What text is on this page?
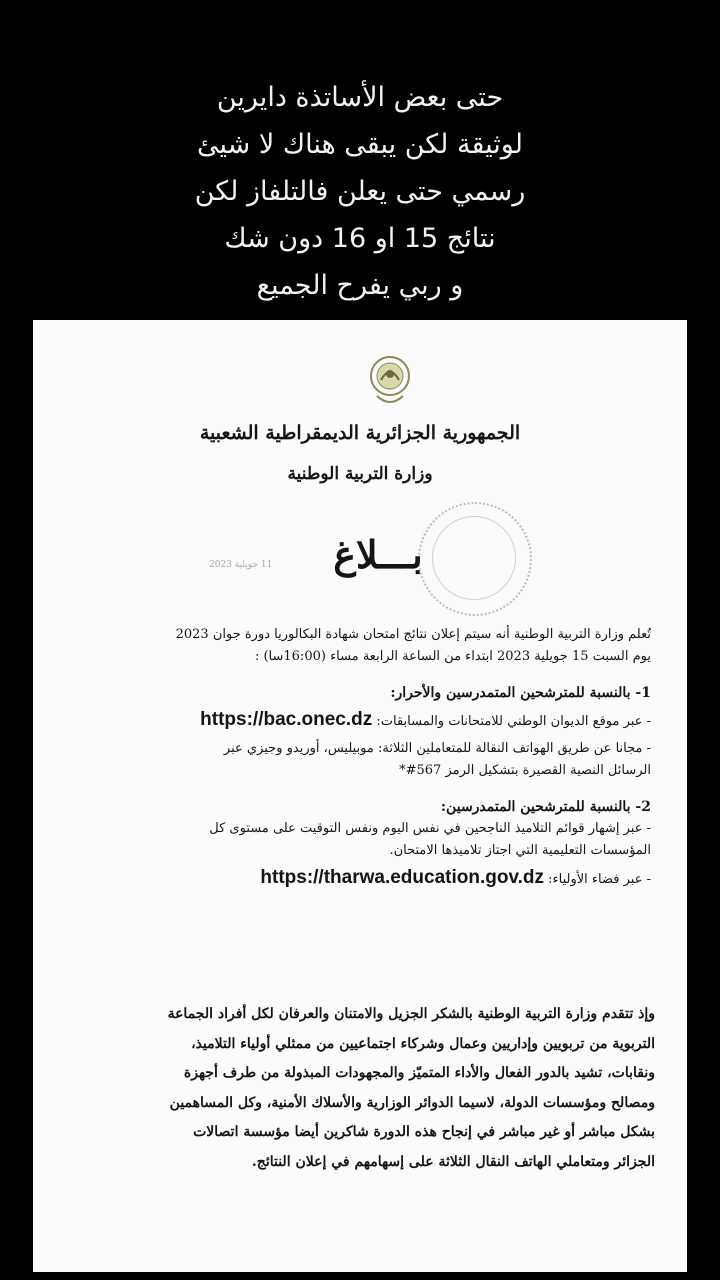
حتى بعض الأساتذة دايرين
لوثيقة لكن يبقى هناك لا شيئ
رسمي حتى يعلن فالتلفاز لكن
نتائج 15 او 16 دون شك
و ربي يفرح الجميع
الجمهورية الجزائرية الديمقراطية الشعبية
وزارة التربية الوطنية
بـــلاغ
11 جويلية 2023
تُعلم وزارة التربية الوطنية أنه سيتم إعلان نتائج امتحان شهادة البكالوريا دورة جوان 2023
يوم السبت 15 جويلية 2023 ابتداء من الساعة الرابعة مساء (16:00سا) :
1- بالنسبة للمترشحين المتمدرسين والأحرار:
- عبر موقع الديوان الوطني للامتحانات والمسابقات: https://bac.onec.dz
- مجانا عن طريق الهواتف النقالة للمتعاملين الثلاثة: موبيليس، أوريدو وجيزي عبر
الرسائل النصية القصيرة بتشكيل الرمز 567#*
2- بالنسبة للمترشحين المتمدرسين:
- عبر إشهار قوائم التلاميذ الناجحين في نفس اليوم ونفس التوقيت على مستوى كل
المؤسسات التعليمية التي اجتاز تلاميذها الامتحان.
- عبر فضاء الأولياء: https://tharwa.education.gov.dz
وإذ تتقدم وزارة التربية الوطنية بالشكر الجزيل والامتنان والعرفان لكل أفراد الجماعة
التربوية من تربويين وإداريين وعمال وشركاء اجتماعيين من ممثلي أولياء التلاميذ،
ونقابات، تشيد بالدور الفعال والأداء المتميّز والمجهودات المبذولة من طرف أجهزة
ومصالح ومؤسسات الدولة، لاسيما الدوائر الوزارية والأسلاك الأمنية، وكل المساهمين
بشكل مباشر أو غير مباشر في إنجاح هذه الدورة شاكرين أيضا مؤسسة اتصالات
الجزائر ومتعاملي الهاتف النقال الثلاثة على إسهامهم في إعلان النتائج.
